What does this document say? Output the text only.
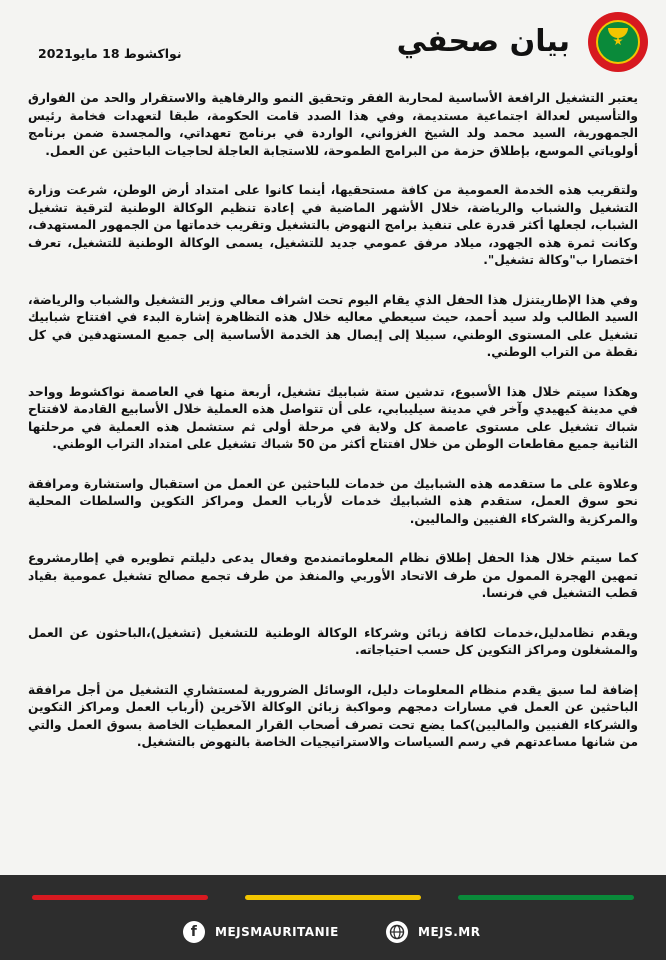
بيان صحفي
نواكشوط 18 مايو2021

يعتبر التشغيل الرافعة الأساسية لمحاربة الفقر وتحقيق النمو والرفاهية والاستقرار والحد من الفوارق والتأسيس لعدالة اجتماعية مستديمة، وفي هذا الصدد قامت الحكومة، طبقا لتعهدات فخامة رئيس الجمهورية، السيد محمد ولد الشيخ الغزواني، الواردة في برنامج تعهداتي، والمجسدة ضمن برنامج أولوياتي الموسع، بإطلاق حزمة من البرامج الطموحة، للاستجابة العاجلة لحاجيات الباحثين عن العمل.

ولتقريب هذه الخدمة العمومية من كافة مستحقيها، أينما كانوا على امتداد أرض الوطن، شرعت وزارة التشغيل والشباب والرياضة، خلال الأشهر الماضية في إعادة تنظيم الوكالة الوطنية لترقية تشغيل الشباب، لجعلها أكثر قدرة على تنفيذ برامج النهوض بالتشغيل وتقريب خدماتها من الجمهور المستهدف، وكانت ثمرة هذه الجهود، ميلاد مرفق عمومي جديد للتشغيل، يسمى الوكالة الوطنية للتشغيل، تعرف اختصارا ب"وكالة تشغيل".

وفي هذا الإطاريتنزل هذا الحفل الذي يقام اليوم تحت اشراف معالي وزير التشغيل والشباب والرياضة، السيد الطالب ولد سيد أحمد، حيث سيعطي معاليه خلال هذه التظاهرة إشارة البدء في افتتاح شبابيك تشغيل على المستوى الوطني، سبيلا إلى إيصال هذ الخدمة الأساسية إلى جميع المستهدفين في كل نقطة من التراب الوطني.

وهكذا سيتم خلال هذا الأسبوع، تدشين ستة شبابيك تشغيل، أربعة منها في العاصمة نواكشوط وواحد في مدينة كيهيدي وآخر في مدينة سيليبابي، على أن تتواصل هذه العملية خلال الأسابيع القادمة لافتتاح شباك تشغيل على مستوى عاصمة كل ولاية في مرحلة أولى ثم ستشمل هذه العملية في مرحلتها الثانية جميع مقاطعات الوطن من خلال افتتاح أكثر من 50 شباك تشغيل على امتداد التراب الوطني.

وعلاوة على ما ستقدمه هذه الشبابيك من خدمات للباحثين عن العمل من استقبال واستشارة ومرافقة نحو سوق العمل، ستقدم هذه الشبابيك خدمات لأرباب العمل ومراكز التكوين والسلطات المحلية والمركزية والشركاء الفنيين والماليين.

كما سيتم خلال هذا الحفل إطلاق نظام المعلوماتمندمج وفعال يدعى دليلتم تطويره في إطارمشروع تمهين الهجرة الممول من طرف الاتحاد الأوربي والمنفذ من طرف تجمع مصالح تشغيل عمومية بقياد قطب التشغيل في فرنسا.

ويقدم نظامدليل،خدمات لكافة زبائن وشركاء الوكالة الوطنية للتشغيل (تشغيل)،الباحثون عن العمل والمشغلون ومراكز التكوين كل حسب احتياجاته.

إضافة لما سبق يقدم منظام المعلومات دليل، الوسائل الضرورية لمستشاري التشغيل من أجل مرافقة الباحثين عن العمل في مسارات دمجهم ومواكبة زبائن الوكالة الآخرين (أرباب العمل ومراكز التكوين والشركاء الفنيين والماليين)كما يضع تحت تصرف أصحاب القرار المعطيات الخاصة بسوق العمل والتي من شانها مساعدتهم في رسم السياسات والاستراتيجيات الخاصة بالنهوض بالتشغيل.

f	MEJSMAURITANIE	MEJS.MR
